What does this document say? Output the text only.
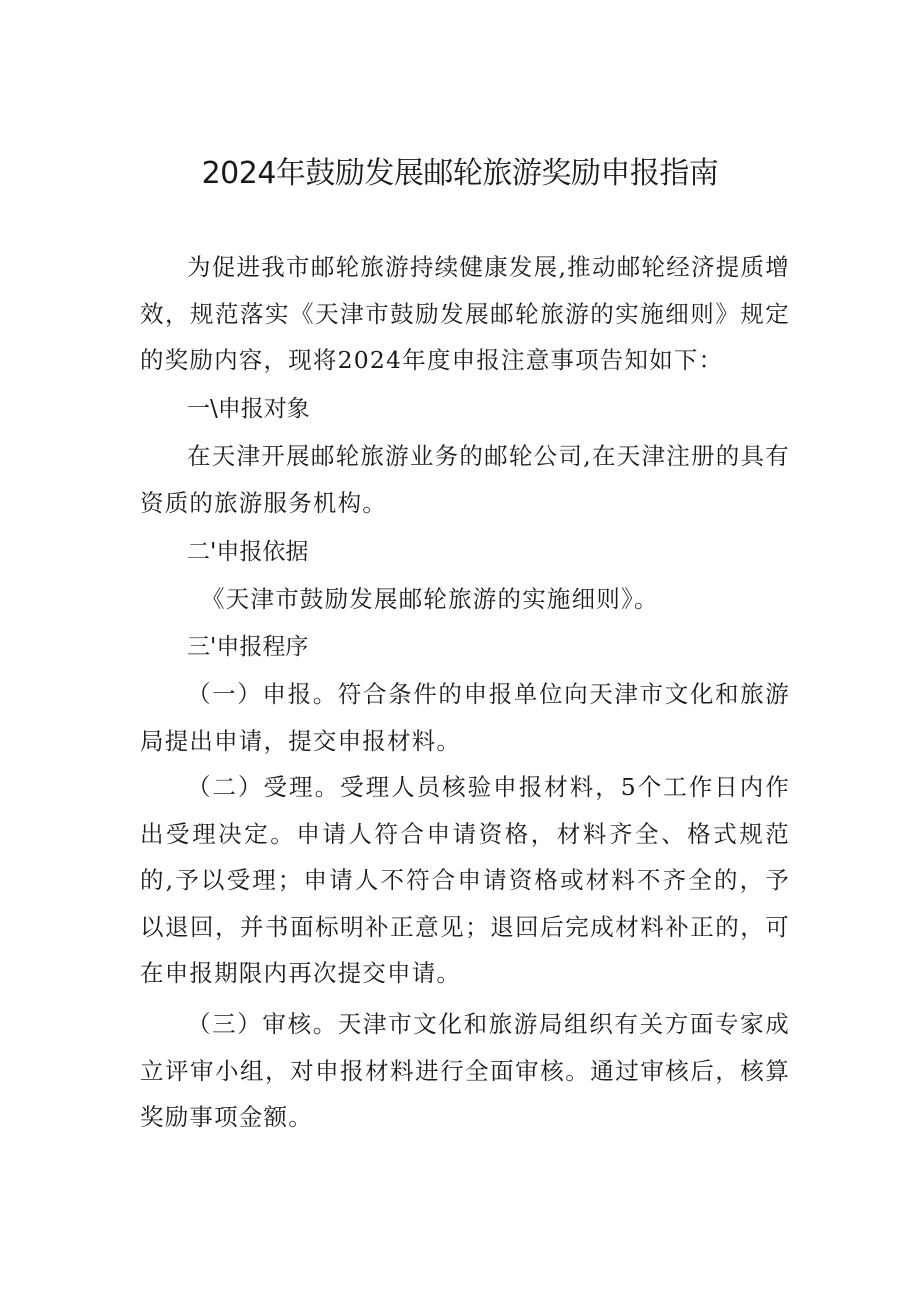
2024年鼓励发展邮轮旅游奖励申报指南

为促进我市邮轮旅游持续健康发展,推动邮轮经济提质增效，规范落实《天津市鼓励发展邮轮旅游的实施细则》规定的奖励内容，现将2024年度申报注意事项告知如下：

一\申报对象

在天津开展邮轮旅游业务的邮轮公司,在天津注册的具有资质的旅游服务机构。

二'申报依据

《天津市鼓励发展邮轮旅游的实施细则》。

三'申报程序

（一）申报。符合条件的申报单位向天津市文化和旅游局提出申请，提交申报材料。

（二）受理。受理人员核验申报材料，5个工作日内作出受理决定。申请人符合申请资格，材料齐全、格式规范的,予以受理；申请人不符合申请资格或材料不齐全的，予以退回，并书面标明补正意见；退回后完成材料补正的，可在申报期限内再次提交申请。

（三）审核。天津市文化和旅游局组织有关方面专家成立评审小组，对申报材料进行全面审核。通过审核后，核算奖励事项金额。
